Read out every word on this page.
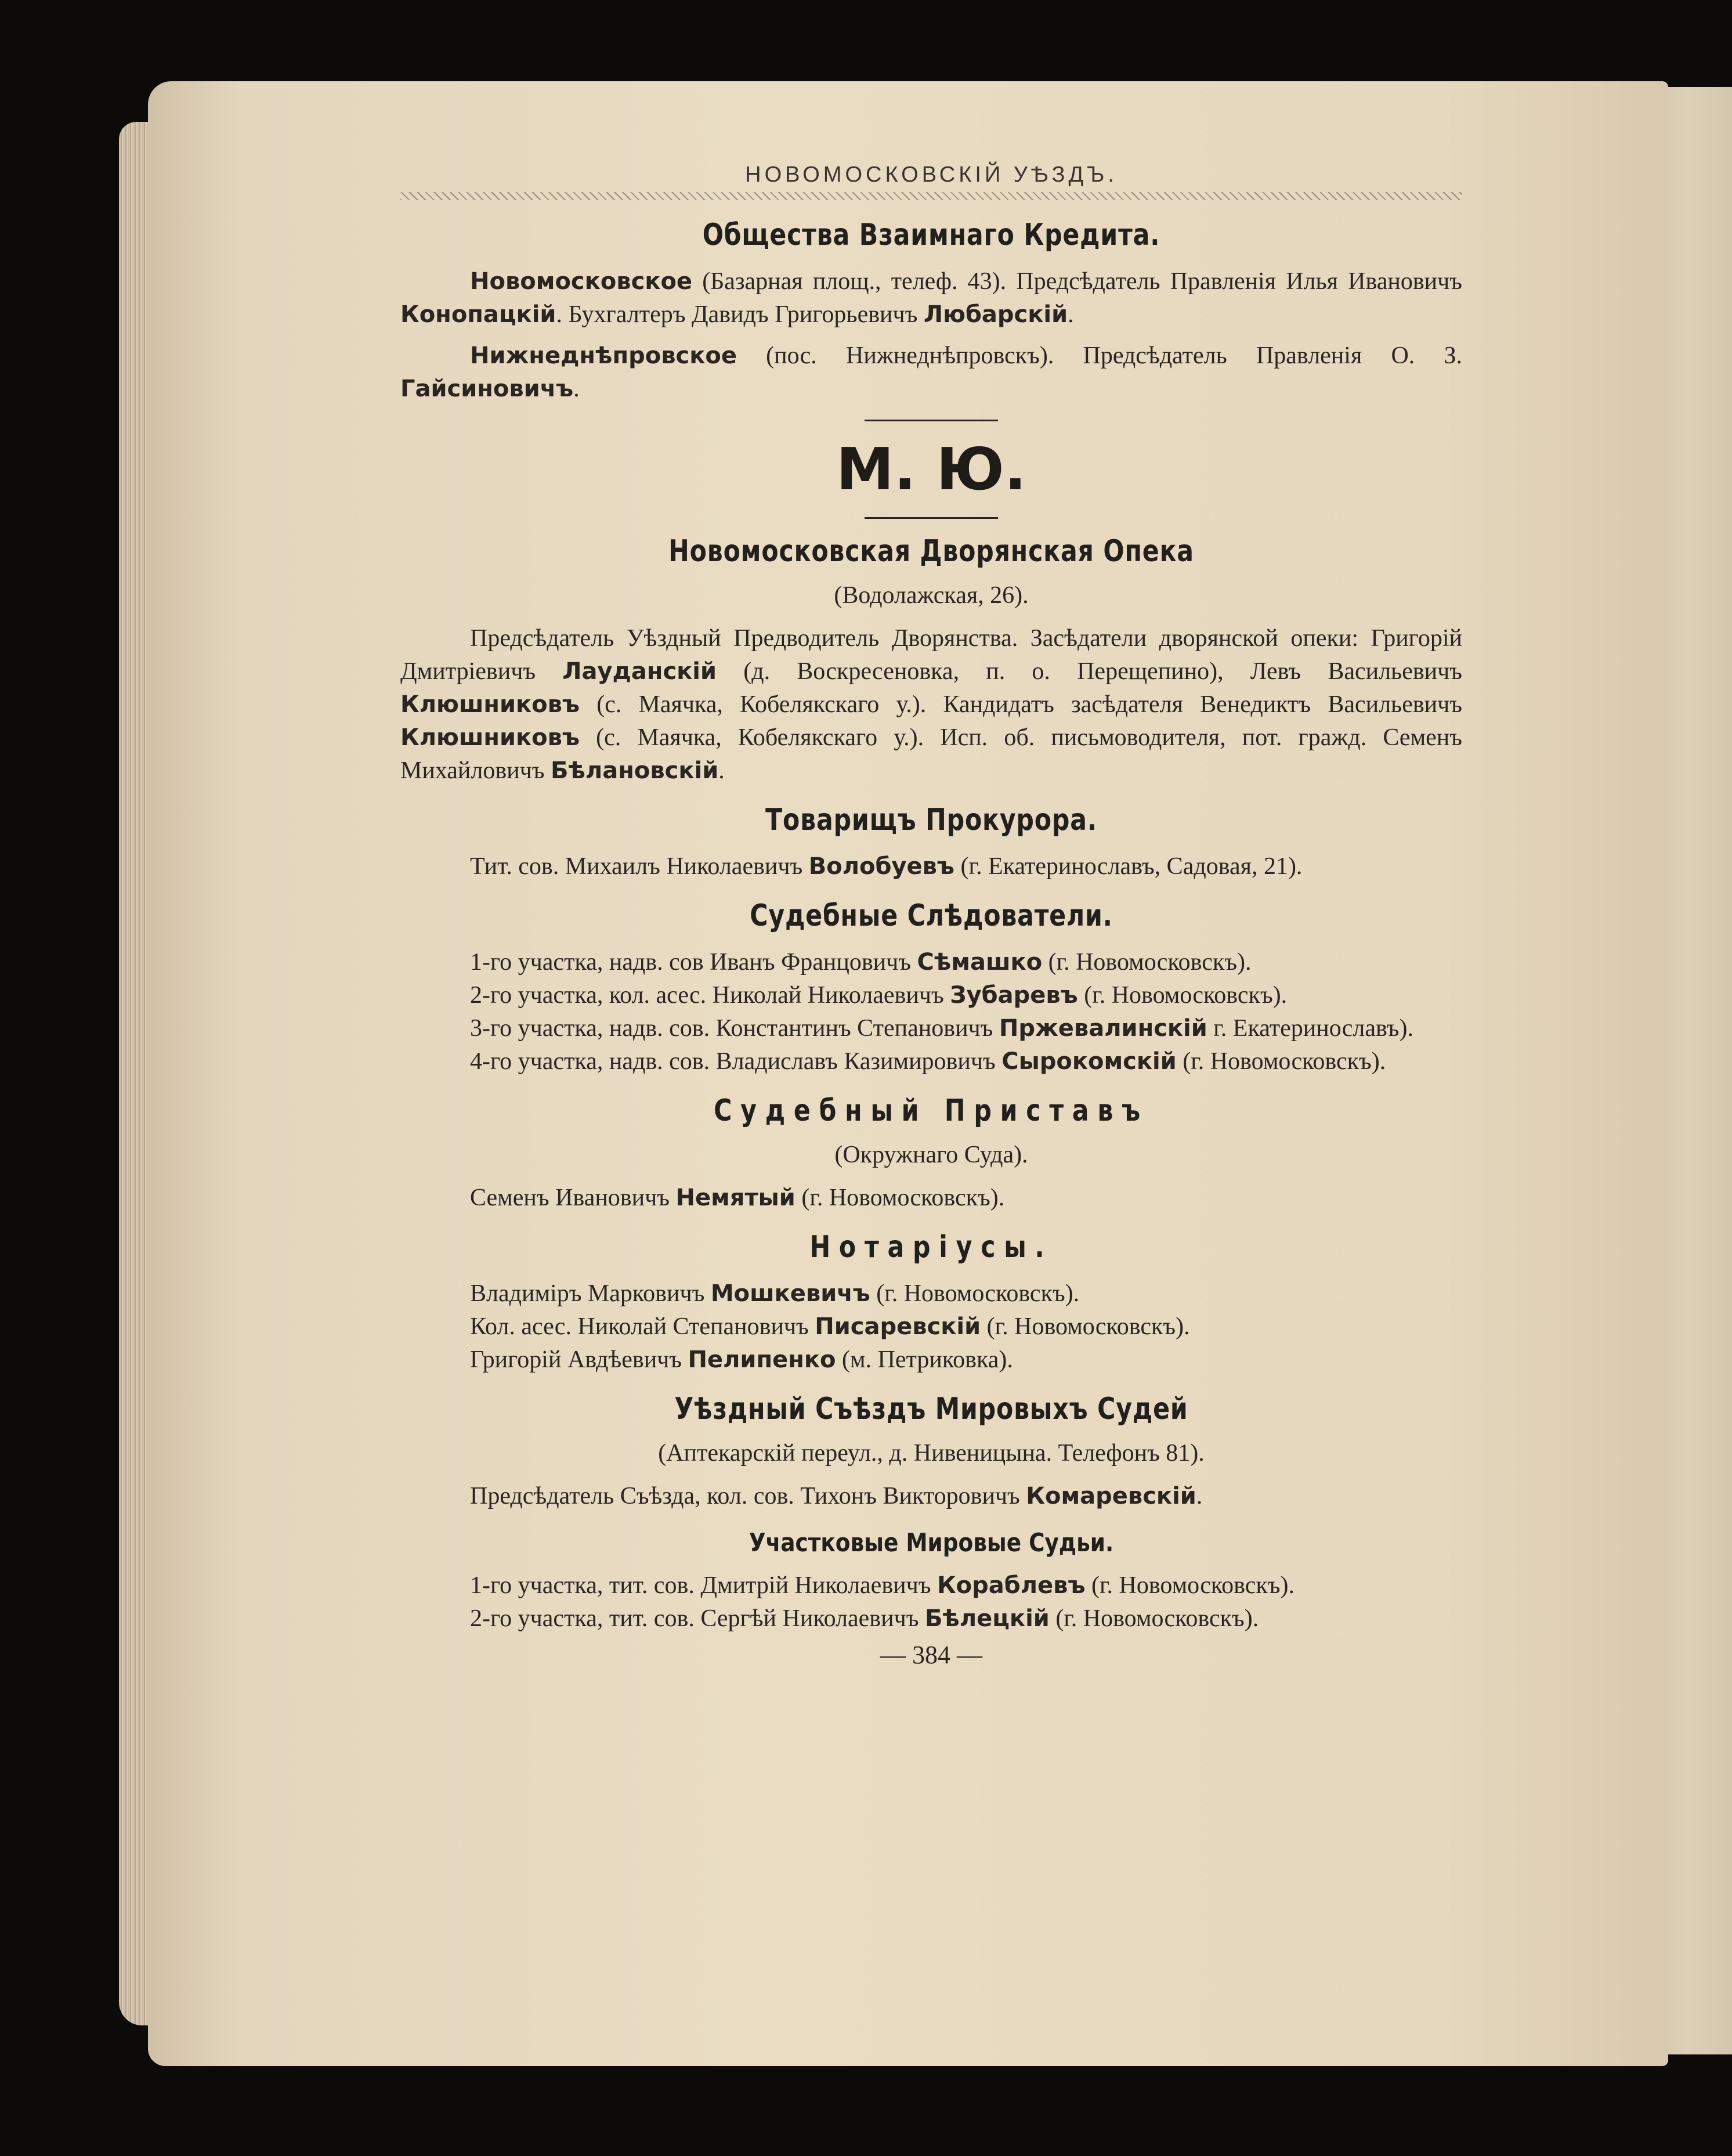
НОВОМОСКОВСКІЙ УѢЗДЪ.
Общества Взаимнаго Кредита.

Новомосковское (Базарная площ., телеф. 43). Предсѣдатель Правленія Илья Ивановичъ Конопацкій. Бухгалтеръ Давидъ Григорьевичъ Любарскій.

Нижнеднѣпровское (пос. Нижнеднѣпровскъ). Предсѣдатель Правленія О. З. Гайсиновичъ.

М. Ю.
Новомосковская Дворянская Опека
(Водолажская, 26).

Предсѣдатель Уѣздный Предводитель Дворянства. Засѣдатели дворянской опеки: Григорій Дмитріевичъ Лауданскій (д. Воскресеновка, п. о. Перещепино), Левъ Васильевичъ Клюшниковъ (с. Маячка, Кобелякскаго у.). Кандидатъ засѣдателя Венедиктъ Васильевичъ Клюшниковъ (с. Маячка, Кобелякскаго у.). Исп. об. письмоводителя, пот. гражд. Семенъ Михайловичъ Бѣлановскій.

Товарищъ Прокурора.

Тит. сов. Михаилъ Николаевичъ Волобуевъ (г. Екатеринославъ, Садовая, 21).

Судебные Слѣдователи.

1-го участка, надв. сов Иванъ Францовичъ Сѣмашко (г. Новомосковскъ).

2-го участка, кол. асес. Николай Николаевичъ Зубаревъ (г. Новомосковскъ).

3-го участка, надв. сов. Константинъ Степановичъ Пржевалинскій г. Екатеринославъ).

4-го участка, надв. сов. Владиславъ Казимировичъ Сырокомскій (г. Новомосковскъ).

Судебный Приставъ
(Окружнаго Суда).

Семенъ Ивановичъ Немятый (г. Новомосковскъ).

Нотаріусы.

Владиміръ Марковичъ Мошкевичъ (г. Новомосковскъ).

Кол. асес. Николай Степановичъ Писаревскій (г. Новомосковскъ).

Григорій Авдѣевичъ Пелипенко (м. Петриковка).

Уѣздный Съѣздъ Мировыхъ Судей
(Аптекарскій переул., д. Нивеницына. Телефонъ 81).

Предсѣдатель Съѣзда, кол. сов. Тихонъ Викторовичъ Комаревскій.

Участковые Мировые Судьи.

1-го участка, тит. сов. Дмитрій Николаевичъ Кораблевъ (г. Новомосковскъ).

2-го участка, тит. сов. Сергѣй Николаевичъ Бѣлецкій (г. Новомосковскъ).

— 384 —
